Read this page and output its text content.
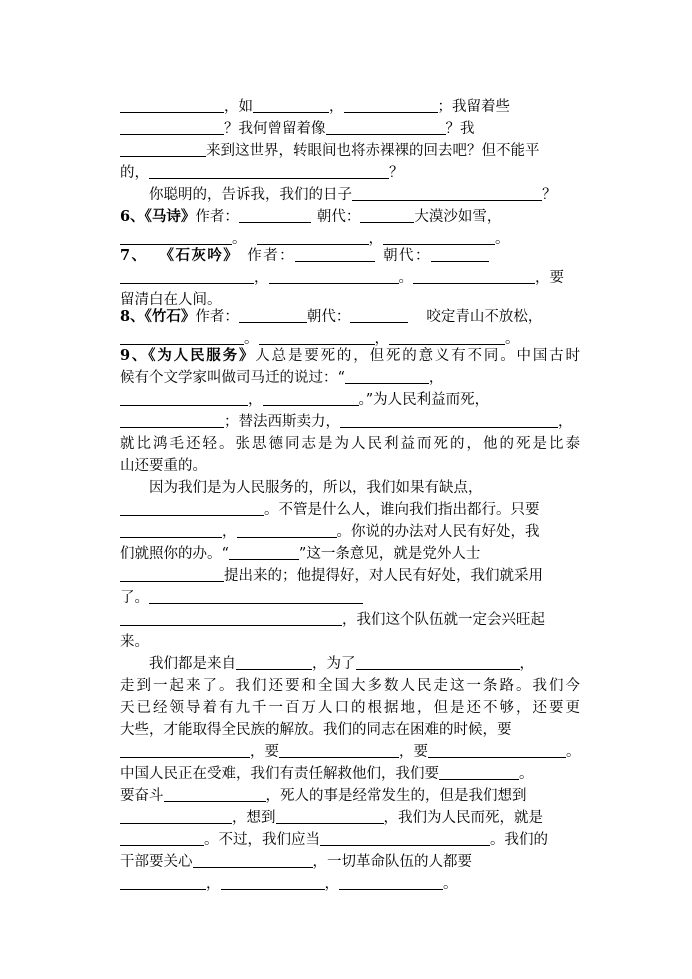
，如	，	；我留着些
？我何曾留着像	？我
来到这世界，转眼间也将赤裸裸的回去吧？但不能平
的，	？
你聪明的，告诉我，我们的日子	？
6、《马诗》作者：	朝代：	大漠沙如雪，
。	，	。
7、 《石灰吟》 作者：	朝代：
，	。	，要
留清白在人间。
8、《竹石》作者：	朝代：	咬定青山不放松，
。	，	。
9、《为人民服务》人总是要死的，但死的意义有不同。中国古时
候有个文学家叫做司马迁的说过：“	，
，	。”为人民利益而死，
；替法西斯卖力，	，
就比鸿毛还轻。张思德同志是为人民利益而死的，他的死是比泰
山还要重的。
因为我们是为人民服务的，所以，我们如果有缺点，
。不管是什么人，谁向我们指出都行。只要
，	。你说的办法对人民有好处，我
们就照你的办。“	”这一条意见，就是党外人士
提出来的；他提得好，对人民有好处，我们就采用
了。
，我们这个队伍就一定会兴旺起
来。
我们都是来自	，为了	，
走到一起来了。我们还要和全国大多数人民走这一条路。我们今
天已经领导着有九千一百万人口的根据地，但是还不够，还要更
大些，才能取得全民族的解放。我们的同志在困难的时候，要
，要	，要	。
中国人民正在受难，我们有责任解救他们，我们要	。
要奋斗	，死人的事是经常发生的，但是我们想到
，想到	，我们为人民而死，就是
。不过，我们应当	。我们的
干部要关心	，一切革命队伍的人都要
，	，	。
